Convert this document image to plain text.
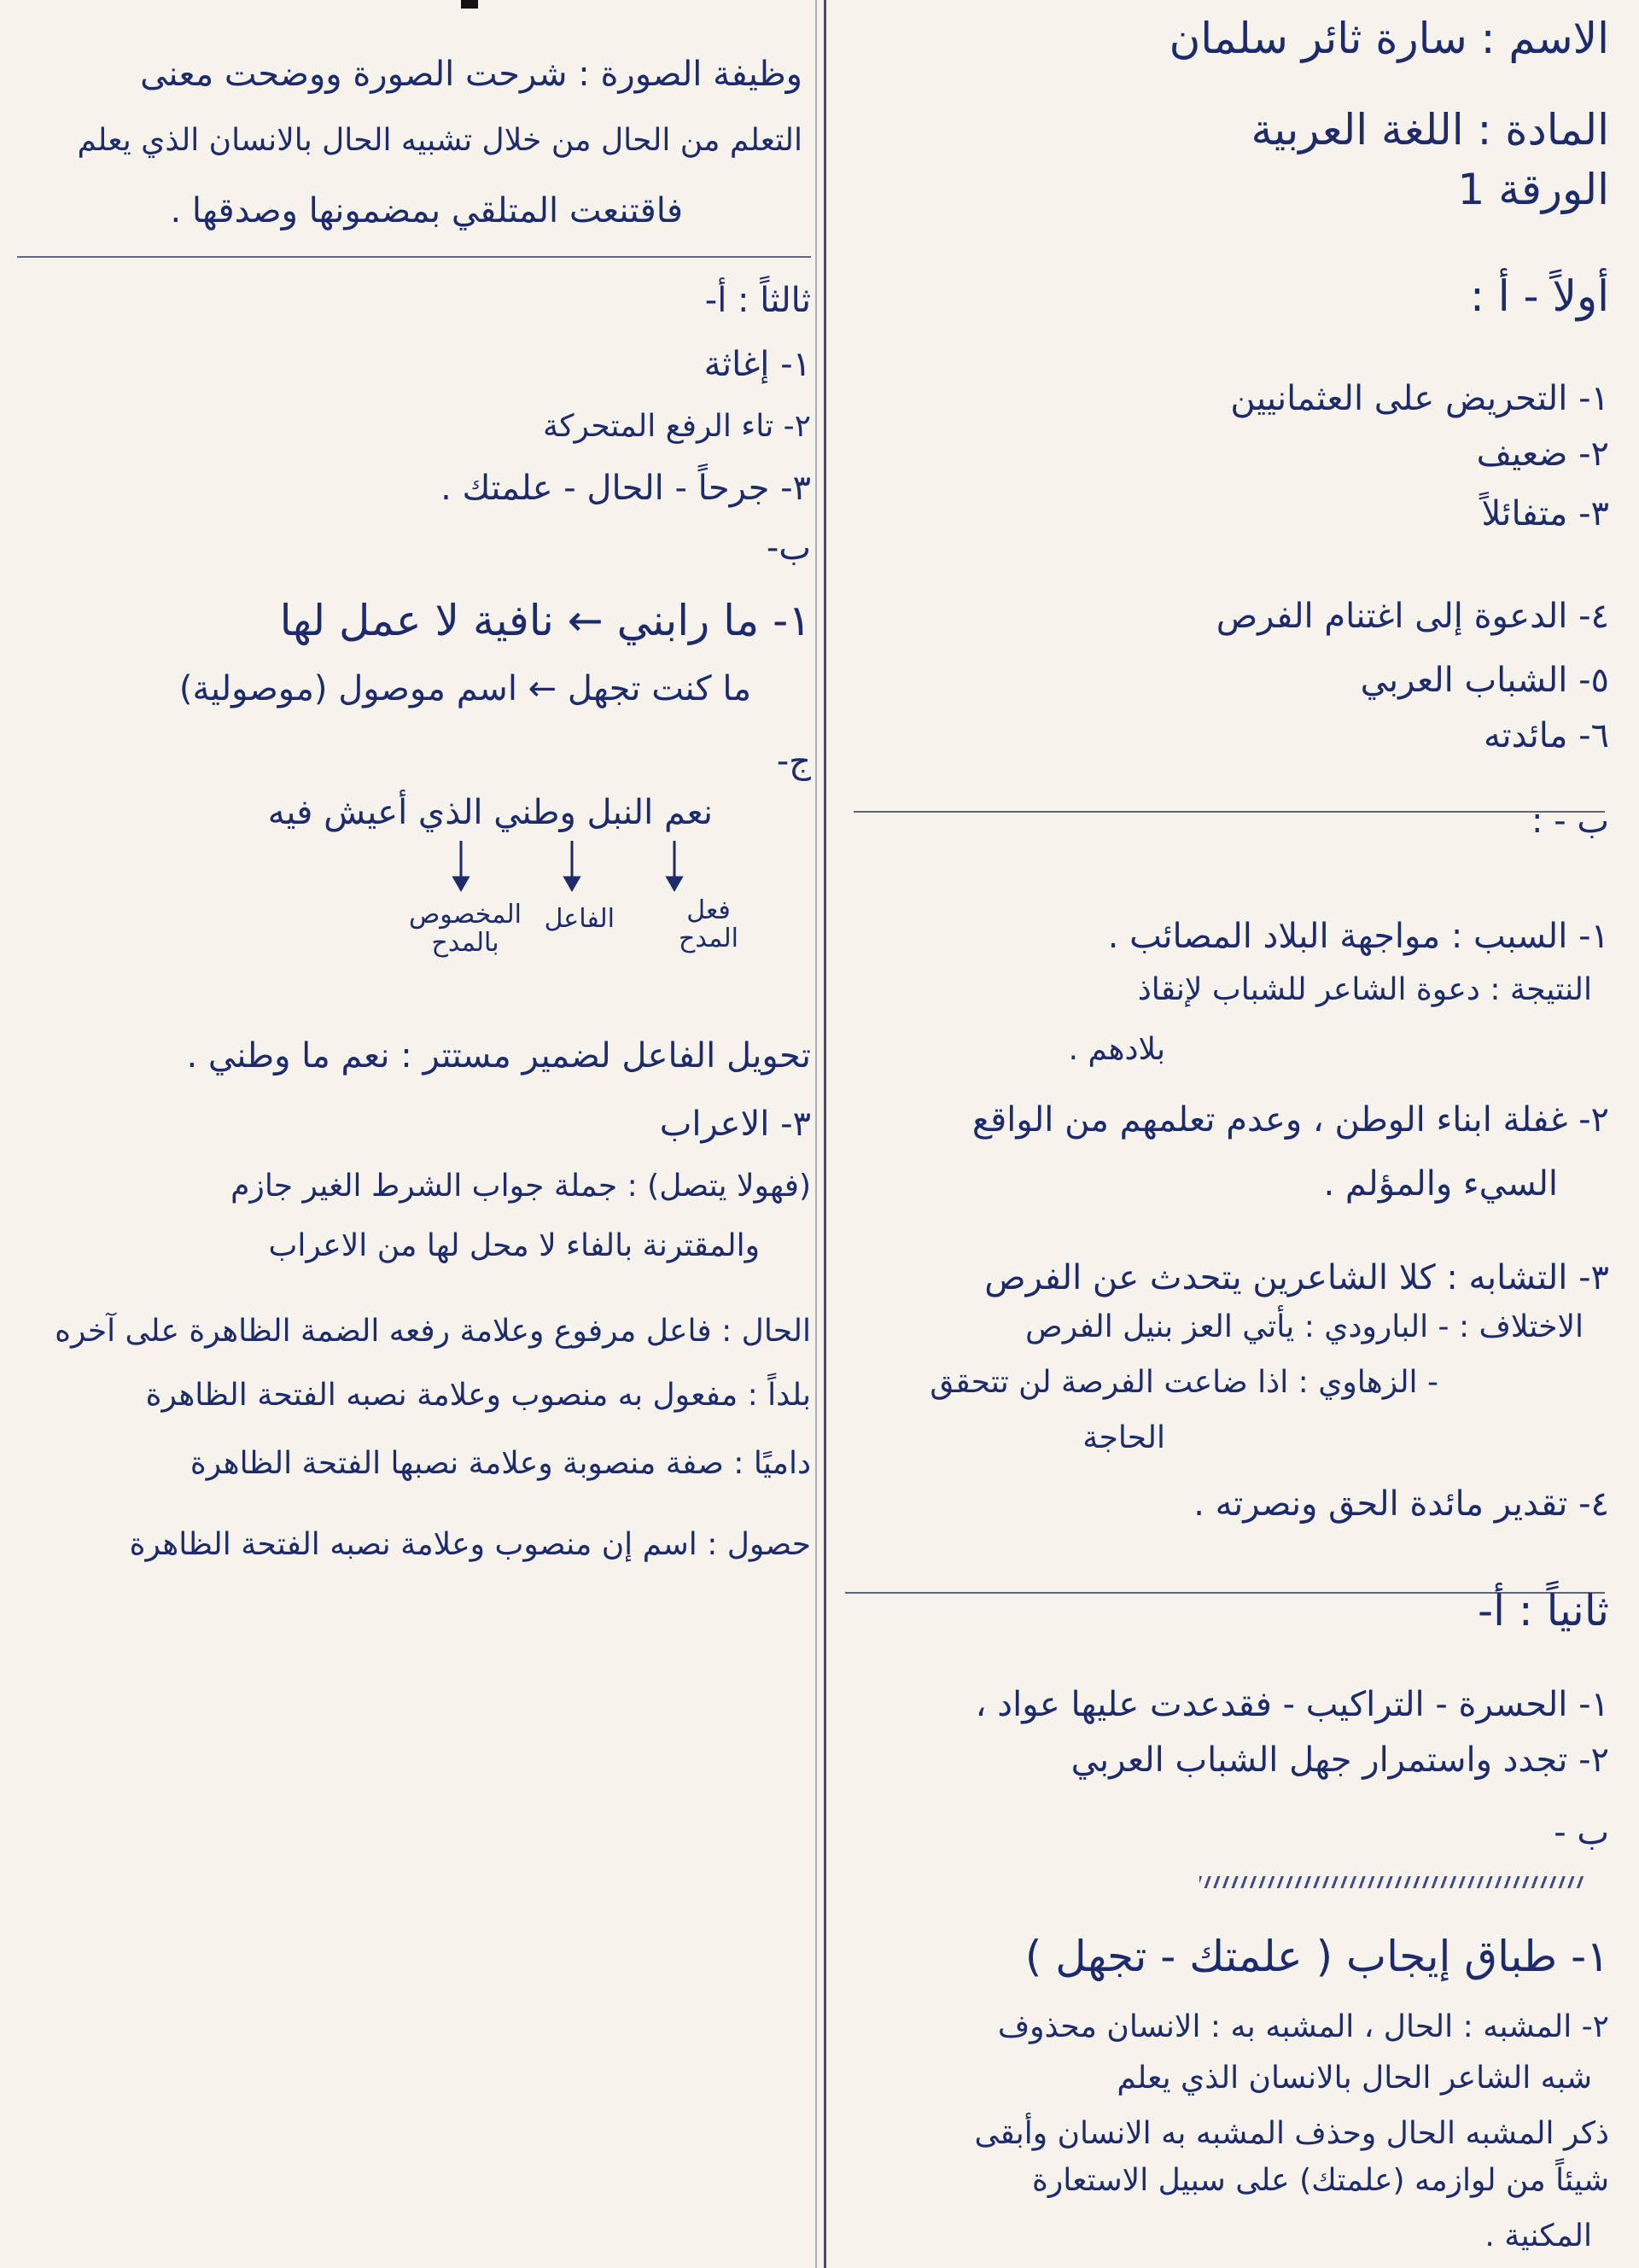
الاسم : سارة ثائر سلمان
المادة : اللغة العربية
الورقة 1
أولاً - أ :
١- التحريض على العثمانيين
٢- ضعيف
٣- متفائلاً
٤- الدعوة إلى اغتنام الفرص
٥- الشباب العربي
٦- مائدته
ب - :
١- السبب : مواجهة البلاد المصائب .
النتيجة : دعوة الشاعر للشباب لإنقاذ
بلادهم .
٢- غفلة ابناء الوطن ، وعدم تعلمهم من الواقع
السيء والمؤلم .
٣- التشابه : كلا الشاعرين يتحدث عن الفرص
الاختلاف : - البارودي : يأتي العز بنيل الفرص
- الزهاوي : اذا ضاعت الفرصة لن تتحقق
الحاجة
٤- تقدير مائدة الحق ونصرته .
ثانياً : أ-
١- الحسرة - التراكيب - فقدعدت عليها عواد ،
٢- تجدد واستمرار جهل الشباب العربي
ب -
١- طباق إيجاب ( علمتك - تجهل )
٢- المشبه : الحال ، المشبه به : الانسان محذوف
شبه الشاعر الحال بالانسان الذي يعلم
ذكر المشبه الحال وحذف المشبه به الانسان وأبقى
شيئاً من لوازمه (علمتك) على سبيل الاستعارة
المكنية .
وظيفة الصورة : شرحت الصورة ووضحت معنى
التعلم من الحال من خلال تشبيه الحال بالانسان الذي يعلم
فاقتنعت المتلقي بمضمونها وصدقها .
ثالثاً : أ-
١- إغاثة
٢- تاء الرفع المتحركة
٣- جرحاً - الحال - علمتك .
ب-
١- ما رابني ← نافية لا عمل لها
ما كنت تجهل ← اسم موصول (موصولية)
ج-
نعم النبل وطني الذي أعيش فيه
فعل المدح
الفاعل
المخصوص بالمدح
تحويل الفاعل لضمير مستتر : نعم ما وطني .
٣- الاعراب
(فهولا يتصل) : جملة جواب الشرط الغير جازم
والمقترنة بالفاء لا محل لها من الاعراب
الحال : فاعل مرفوع وعلامة رفعه الضمة الظاهرة على آخره
بلداً : مفعول به منصوب وعلامة نصبه الفتحة الظاهرة
داميًا : صفة منصوبة وعلامة نصبها الفتحة الظاهرة
حصول : اسم إن منصوب وعلامة نصبه الفتحة الظاهرة
